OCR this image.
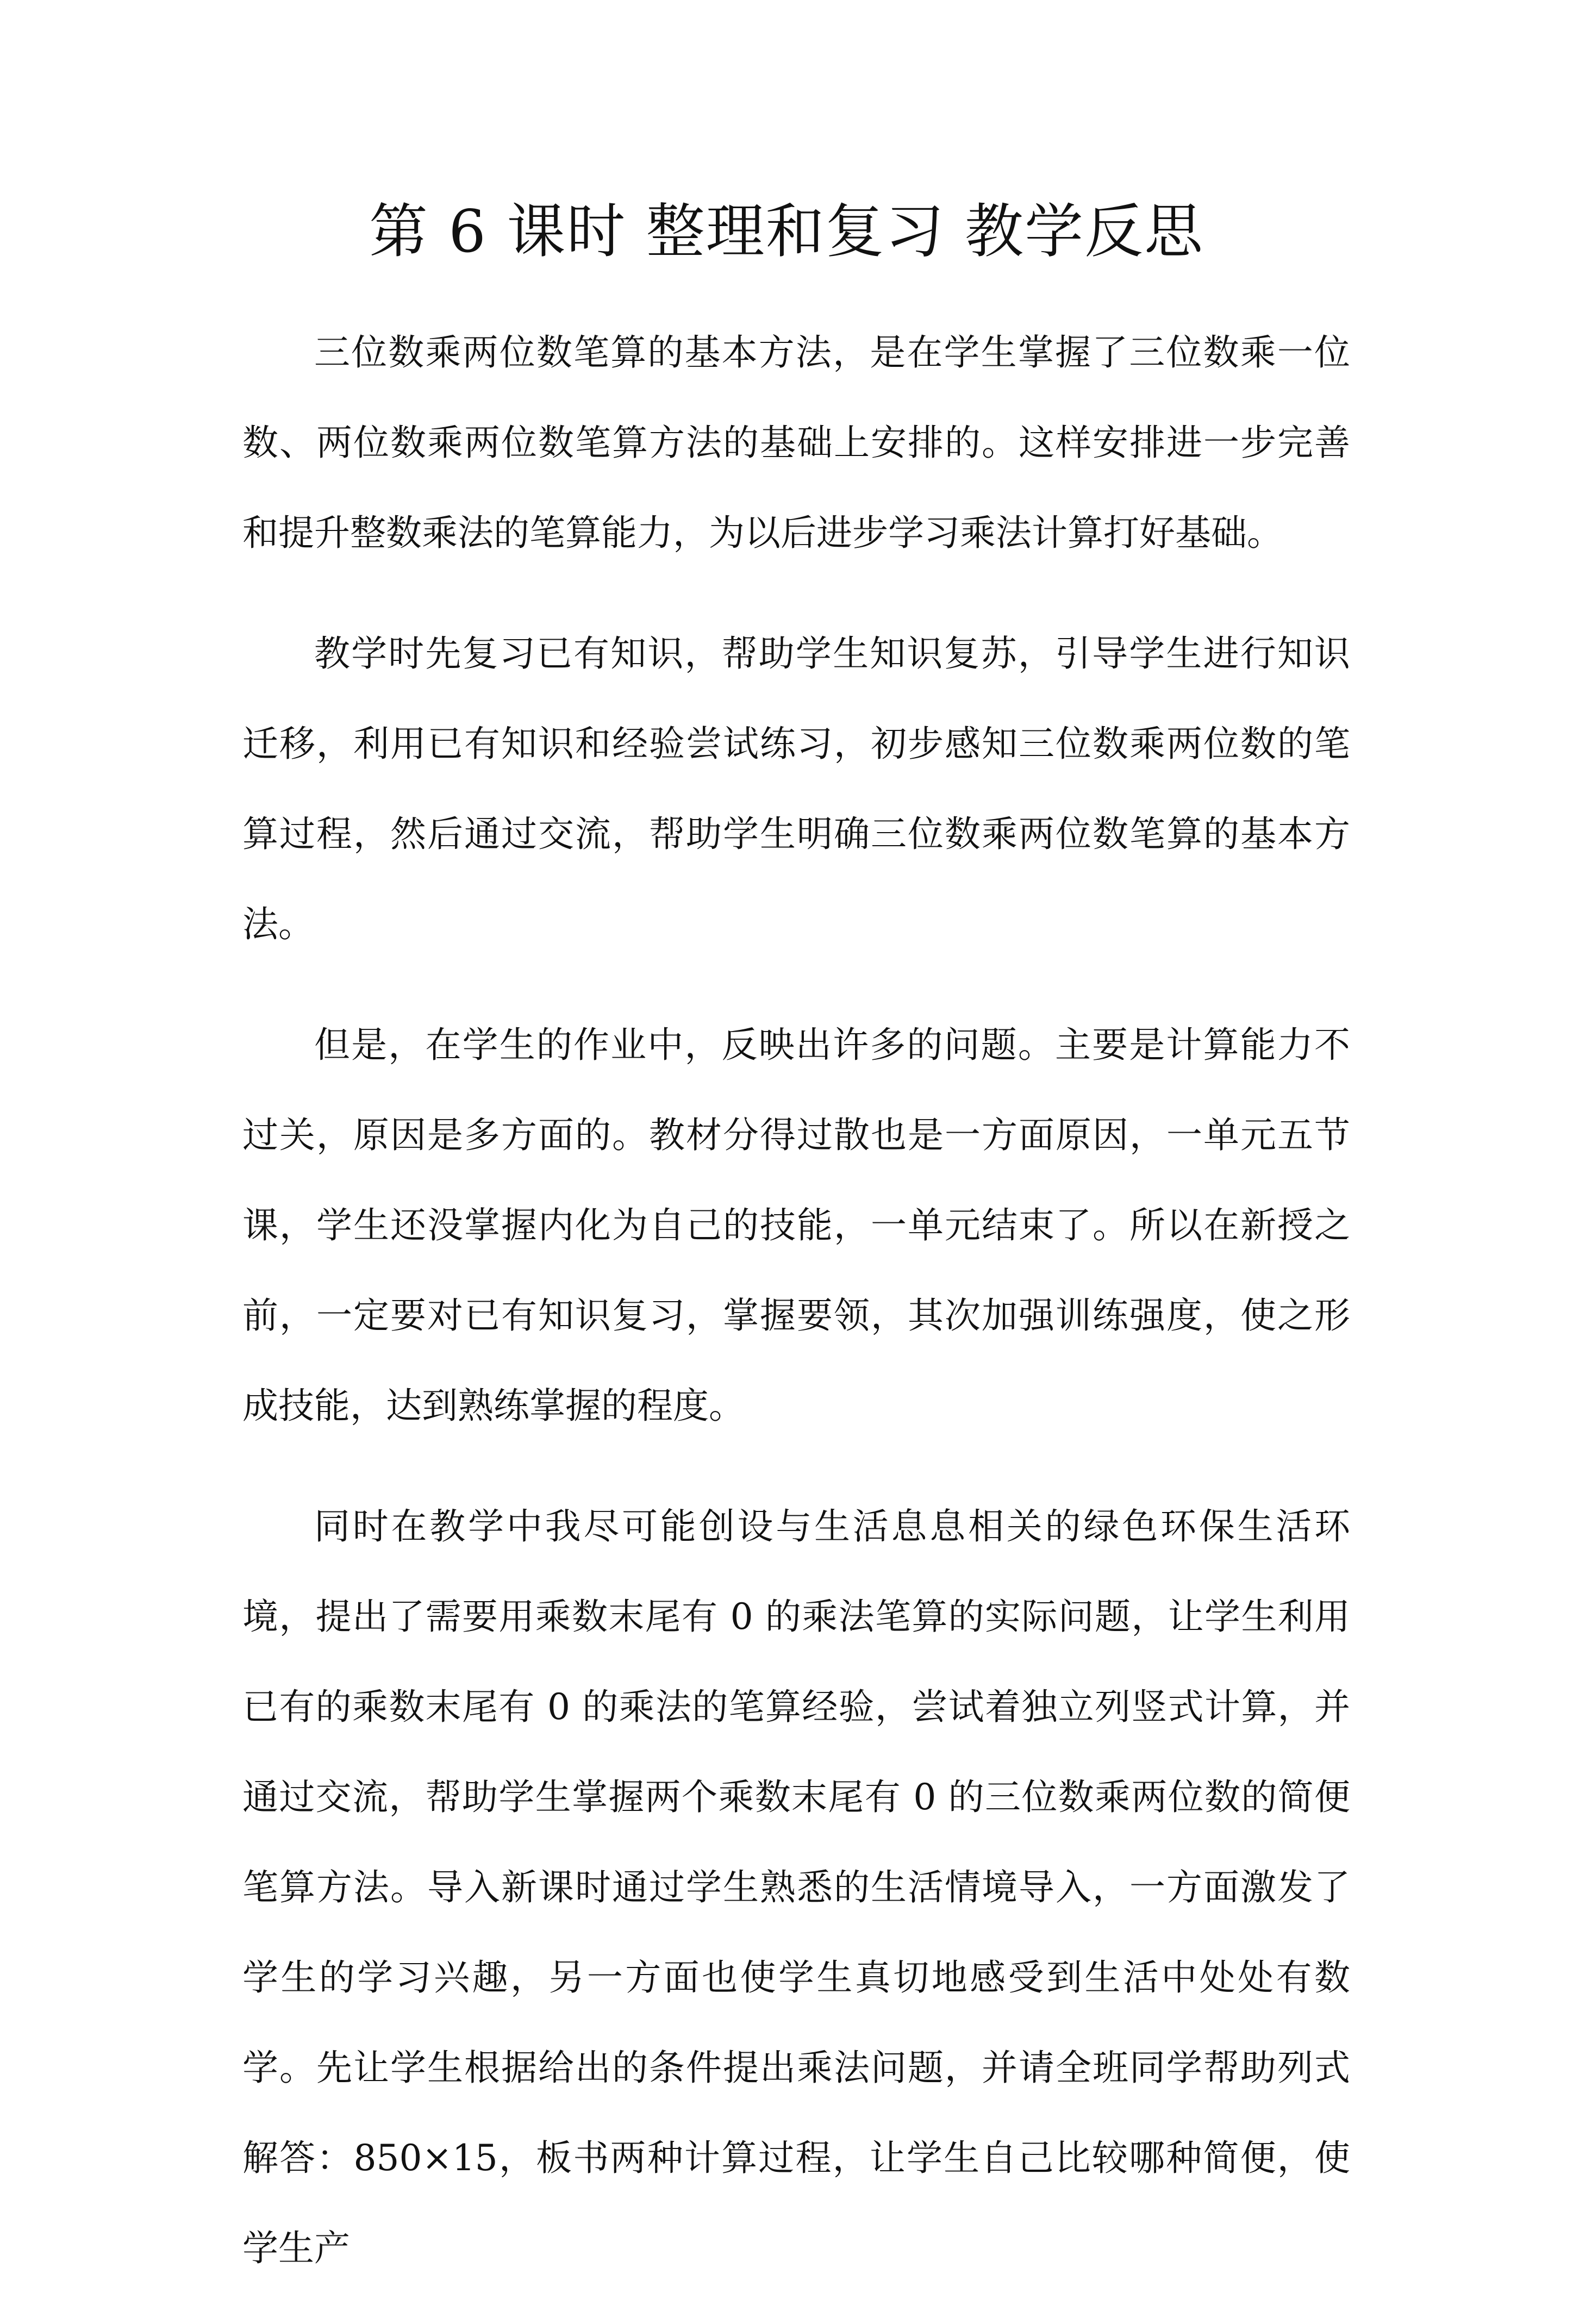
第 6 课时 整理和复习 教学反思

三位数乘两位数笔算的基本方法，是在学生掌握了三位数乘一位数、两位数乘两位数笔算方法的基础上安排的。这样安排进一步完善和提升整数乘法的笔算能力，为以后进步学习乘法计算打好基础。

教学时先复习已有知识，帮助学生知识复苏，引导学生进行知识迁移，利用已有知识和经验尝试练习，初步感知三位数乘两位数的笔算过程，然后通过交流，帮助学生明确三位数乘两位数笔算的基本方法。

但是，在学生的作业中，反映出许多的问题。主要是计算能力不过关，原因是多方面的。教材分得过散也是一方面原因，一单元五节课，学生还没掌握内化为自己的技能，一单元结束了。所以在新授之前，一定要对已有知识复习，掌握要领，其次加强训练强度，使之形成技能，达到熟练掌握的程度。

同时在教学中我尽可能创设与生活息息相关的绿色环保生活环境，提出了需要用乘数末尾有 0 的乘法笔算的实际问题，让学生利用已有的乘数末尾有 0 的乘法的笔算经验，尝试着独立列竖式计算，并通过交流，帮助学生掌握两个乘数末尾有 0 的三位数乘两位数的简便笔算方法。导入新课时通过学生熟悉的生活情境导入，一方面激发了学生的学习兴趣，另一方面也使学生真切地感受到生活中处处有数学。先让学生根据给出的条件提出乘法问题，并请全班同学帮助列式解答：850×15，板书两种计算过程，让学生自己比较哪种简便，使学生产
